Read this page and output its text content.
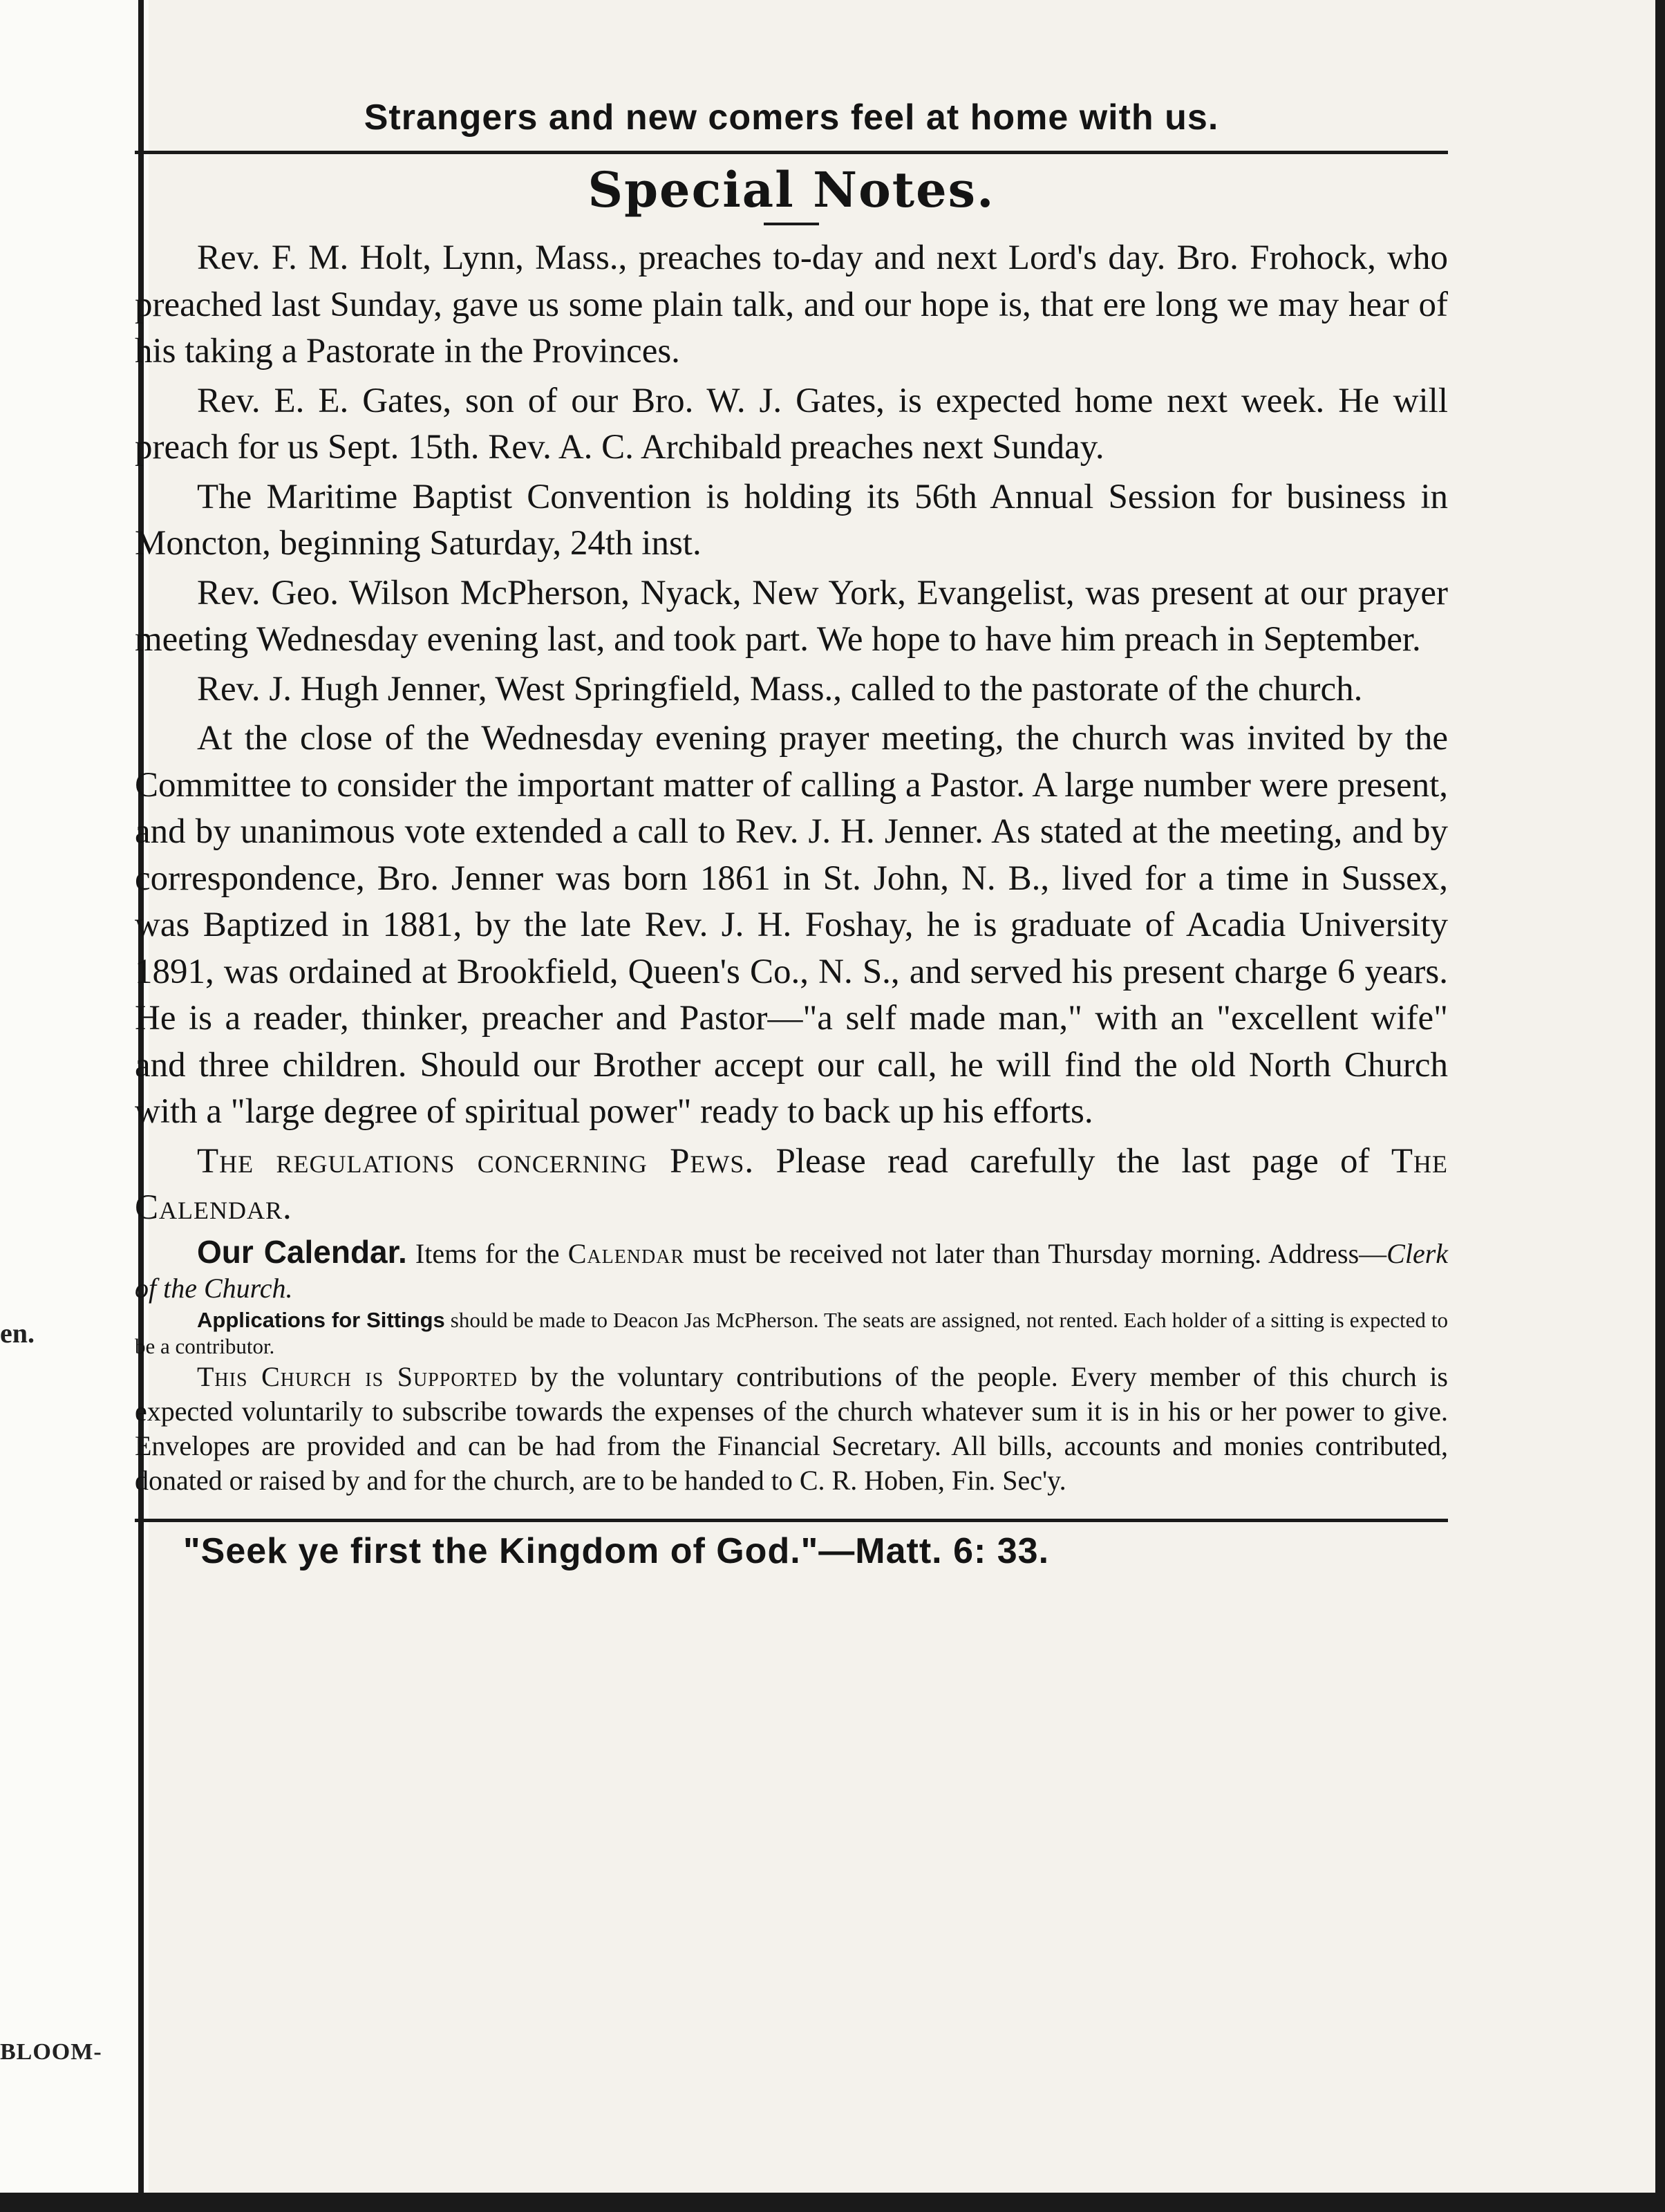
en.
BLOOM-
Strangers and new comers feel at home with us.
Special Notes.

Rev. F. M. Holt, Lynn, Mass., preaches to-day and next Lord's day. Bro. Frohock, who preached last Sunday, gave us some plain talk, and our hope is, that ere long we may hear of his taking a Pastorate in the Provinces.

Rev. E. E. Gates, son of our Bro. W. J. Gates, is expected home next week. He will preach for us Sept. 15th. Rev. A. C. Archibald preaches next Sunday.

The Maritime Baptist Convention is holding its 56th Annual Session for business in Moncton, beginning Saturday, 24th inst.

Rev. Geo. Wilson McPherson, Nyack, New York, Evangelist, was present at our prayer meeting Wednesday evening last, and took part. We hope to have him preach in September.

Rev. J. Hugh Jenner, West Springfield, Mass., called to the pastorate of the church.

At the close of the Wednesday evening prayer meeting, the church was invited by the Committee to consider the important matter of calling a Pastor. A large number were present, and by unanimous vote extended a call to Rev. J. H. Jenner. As stated at the meeting, and by correspondence, Bro. Jenner was born 1861 in St. John, N. B., lived for a time in Sussex, was Baptized in 1881, by the late Rev. J. H. Foshay, he is graduate of Acadia University 1891, was ordained at Brookfield, Queen's Co., N. S., and served his present charge 6 years. He is a reader, thinker, preacher and Pastor—"a self made man," with an "excellent wife" and three children. Should our Brother accept our call, he will find the old North Church with a "large degree of spiritual power" ready to back up his efforts.

The regulations concerning Pews. Please read carefully the last page of The Calendar.

Our Calendar. Items for the Calendar must be received not later than Thursday morning. Address—Clerk of the Church.

Applications for Sittings should be made to Deacon Jas McPherson. The seats are assigned, not rented. Each holder of a sitting is expected to be a contributor.

This Church is Supported by the voluntary contributions of the people. Every member of this church is expected voluntarily to subscribe towards the expenses of the church whatever sum it is in his or her power to give. Envelopes are provided and can be had from the Financial Secretary. All bills, accounts and monies contributed, donated or raised by and for the church, are to be handed to C. R. Hoben, Fin. Sec'y.

"Seek ye first the Kingdom of God."—Matt. 6: 33.
